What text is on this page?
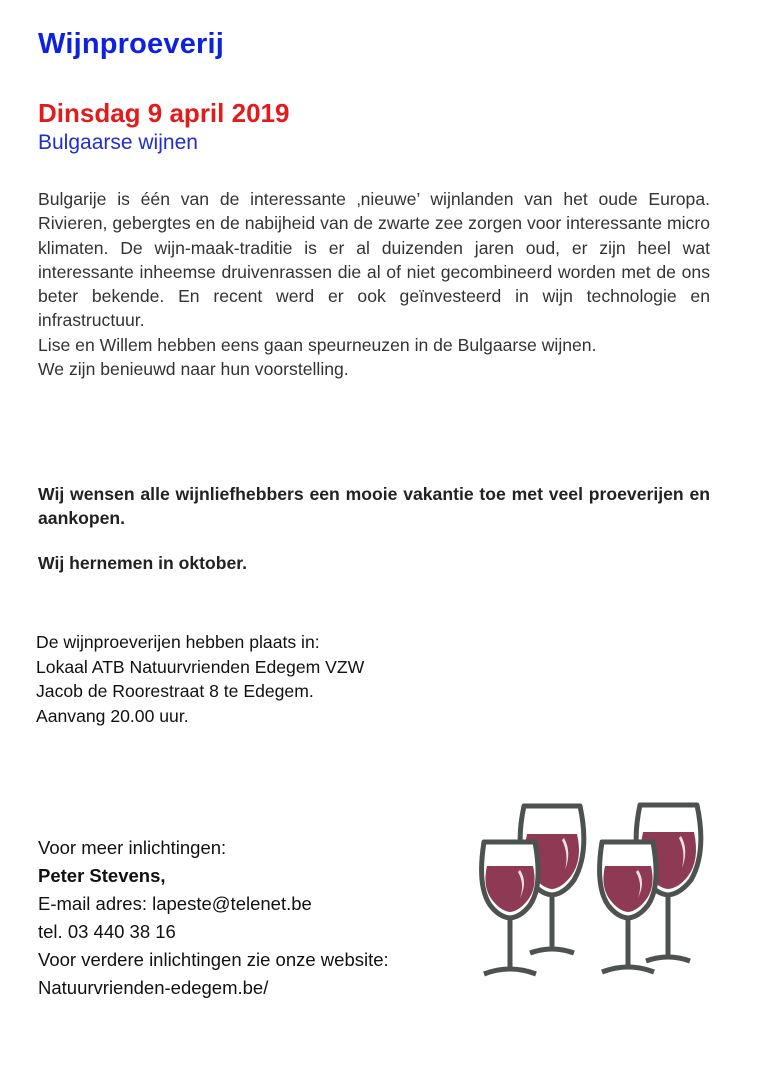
Wijnproeverij
Dinsdag 9 april 2019
Bulgaarse wijnen

Bulgarije is één van de interessante ‚nieuwe’ wijnlanden van het oude Europa. Rivieren, gebergtes en de nabijheid van de zwarte zee zorgen voor interessante micro klimaten. De wijn-maak-traditie is er al duizenden jaren oud, er zijn heel wat interessante inheemse druivenrassen die al of niet gecombineerd worden met de ons beter bekende. En recent werd er ook geïnvesteerd in wijn technologie en infrastructuur.

Lise en Willem hebben eens gaan speurneuzen in de Bulgaarse wijnen.

We zijn benieuwd naar hun voorstelling.

Wij wensen alle wijnliefhebbers een mooie vakantie toe met veel proeverijen en aankopen.
Wij hernemen in oktober.
De wijnproeverijen hebben plaats in:
Lokaal ATB Natuurvrienden Edegem VZW
Jacob de Roorestraat 8 te Edegem.
Aanvang 20.00 uur.
Voor meer inlichtingen:
Peter Stevens,
E-mail adres: lapeste@telenet.be
tel. 03 440 38 16
Voor verdere inlichtingen zie onze website:
Natuurvrienden-edegem.be/
